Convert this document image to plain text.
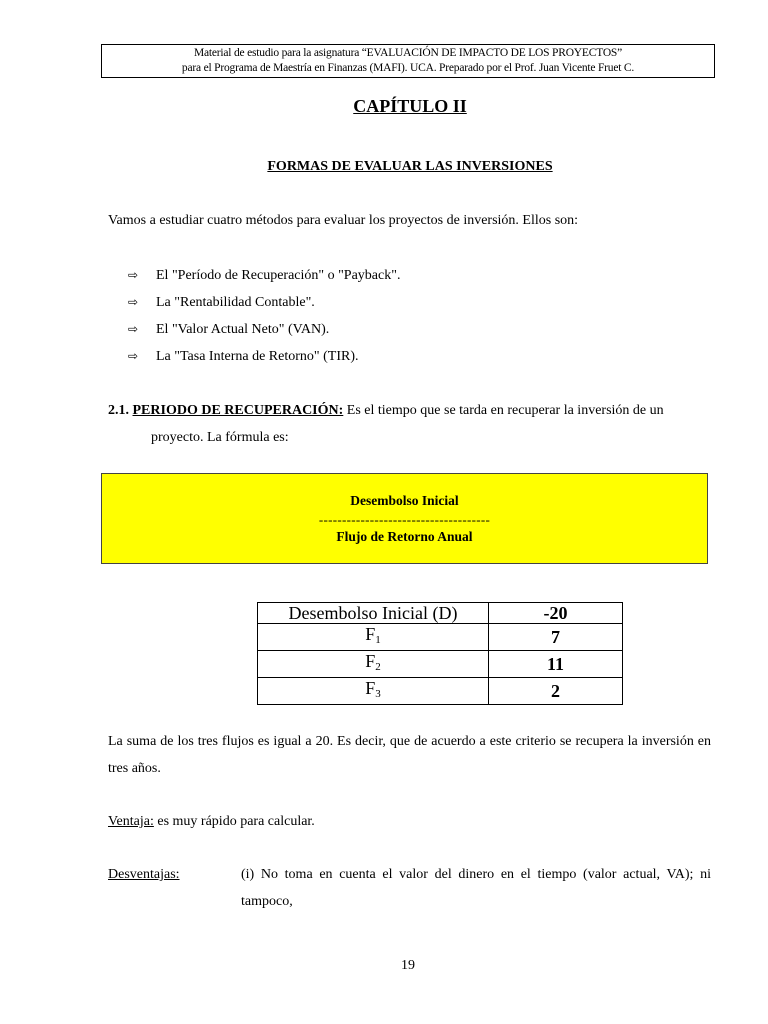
Material de estudio para la asignatura “EVALUACIÓN DE IMPACTO DE LOS PROYECTOS”
para el Programa de Maestría en Finanzas (MAFI). UCA. Preparado por el Prof. Juan Vicente Fruet C.
CAPÍTULO II
FORMAS DE EVALUAR LAS INVERSIONES
Vamos a estudiar cuatro métodos para evaluar los proyectos de inversión. Ellos son:
⇨ El "Período de Recuperación" o "Payback".
⇨ La "Rentabilidad Contable".
⇨ El "Valor Actual Neto" (VAN).
⇨ La "Tasa Interna de Retorno" (TIR).
2.1. PERIODO DE RECUPERACIÓN: Es el tiempo que se tarda en recuperar la inversión de un
proyecto. La fórmula es:
Desembolso Inicial
-------------------------------------
Flujo de Retorno Anual
Desembolso Inicial (D)	-20
$F_1$	7
$F_2$	11
$F_3$	2
La suma de los tres flujos es igual a 20. Es decir, que de acuerdo a este criterio se recupera la inversión en tres años.
Ventaja: es muy rápido para calcular.
Desventajas:	(i) No toma en cuenta el valor del dinero en el tiempo (valor actual, VA); ni tampoco,
19
